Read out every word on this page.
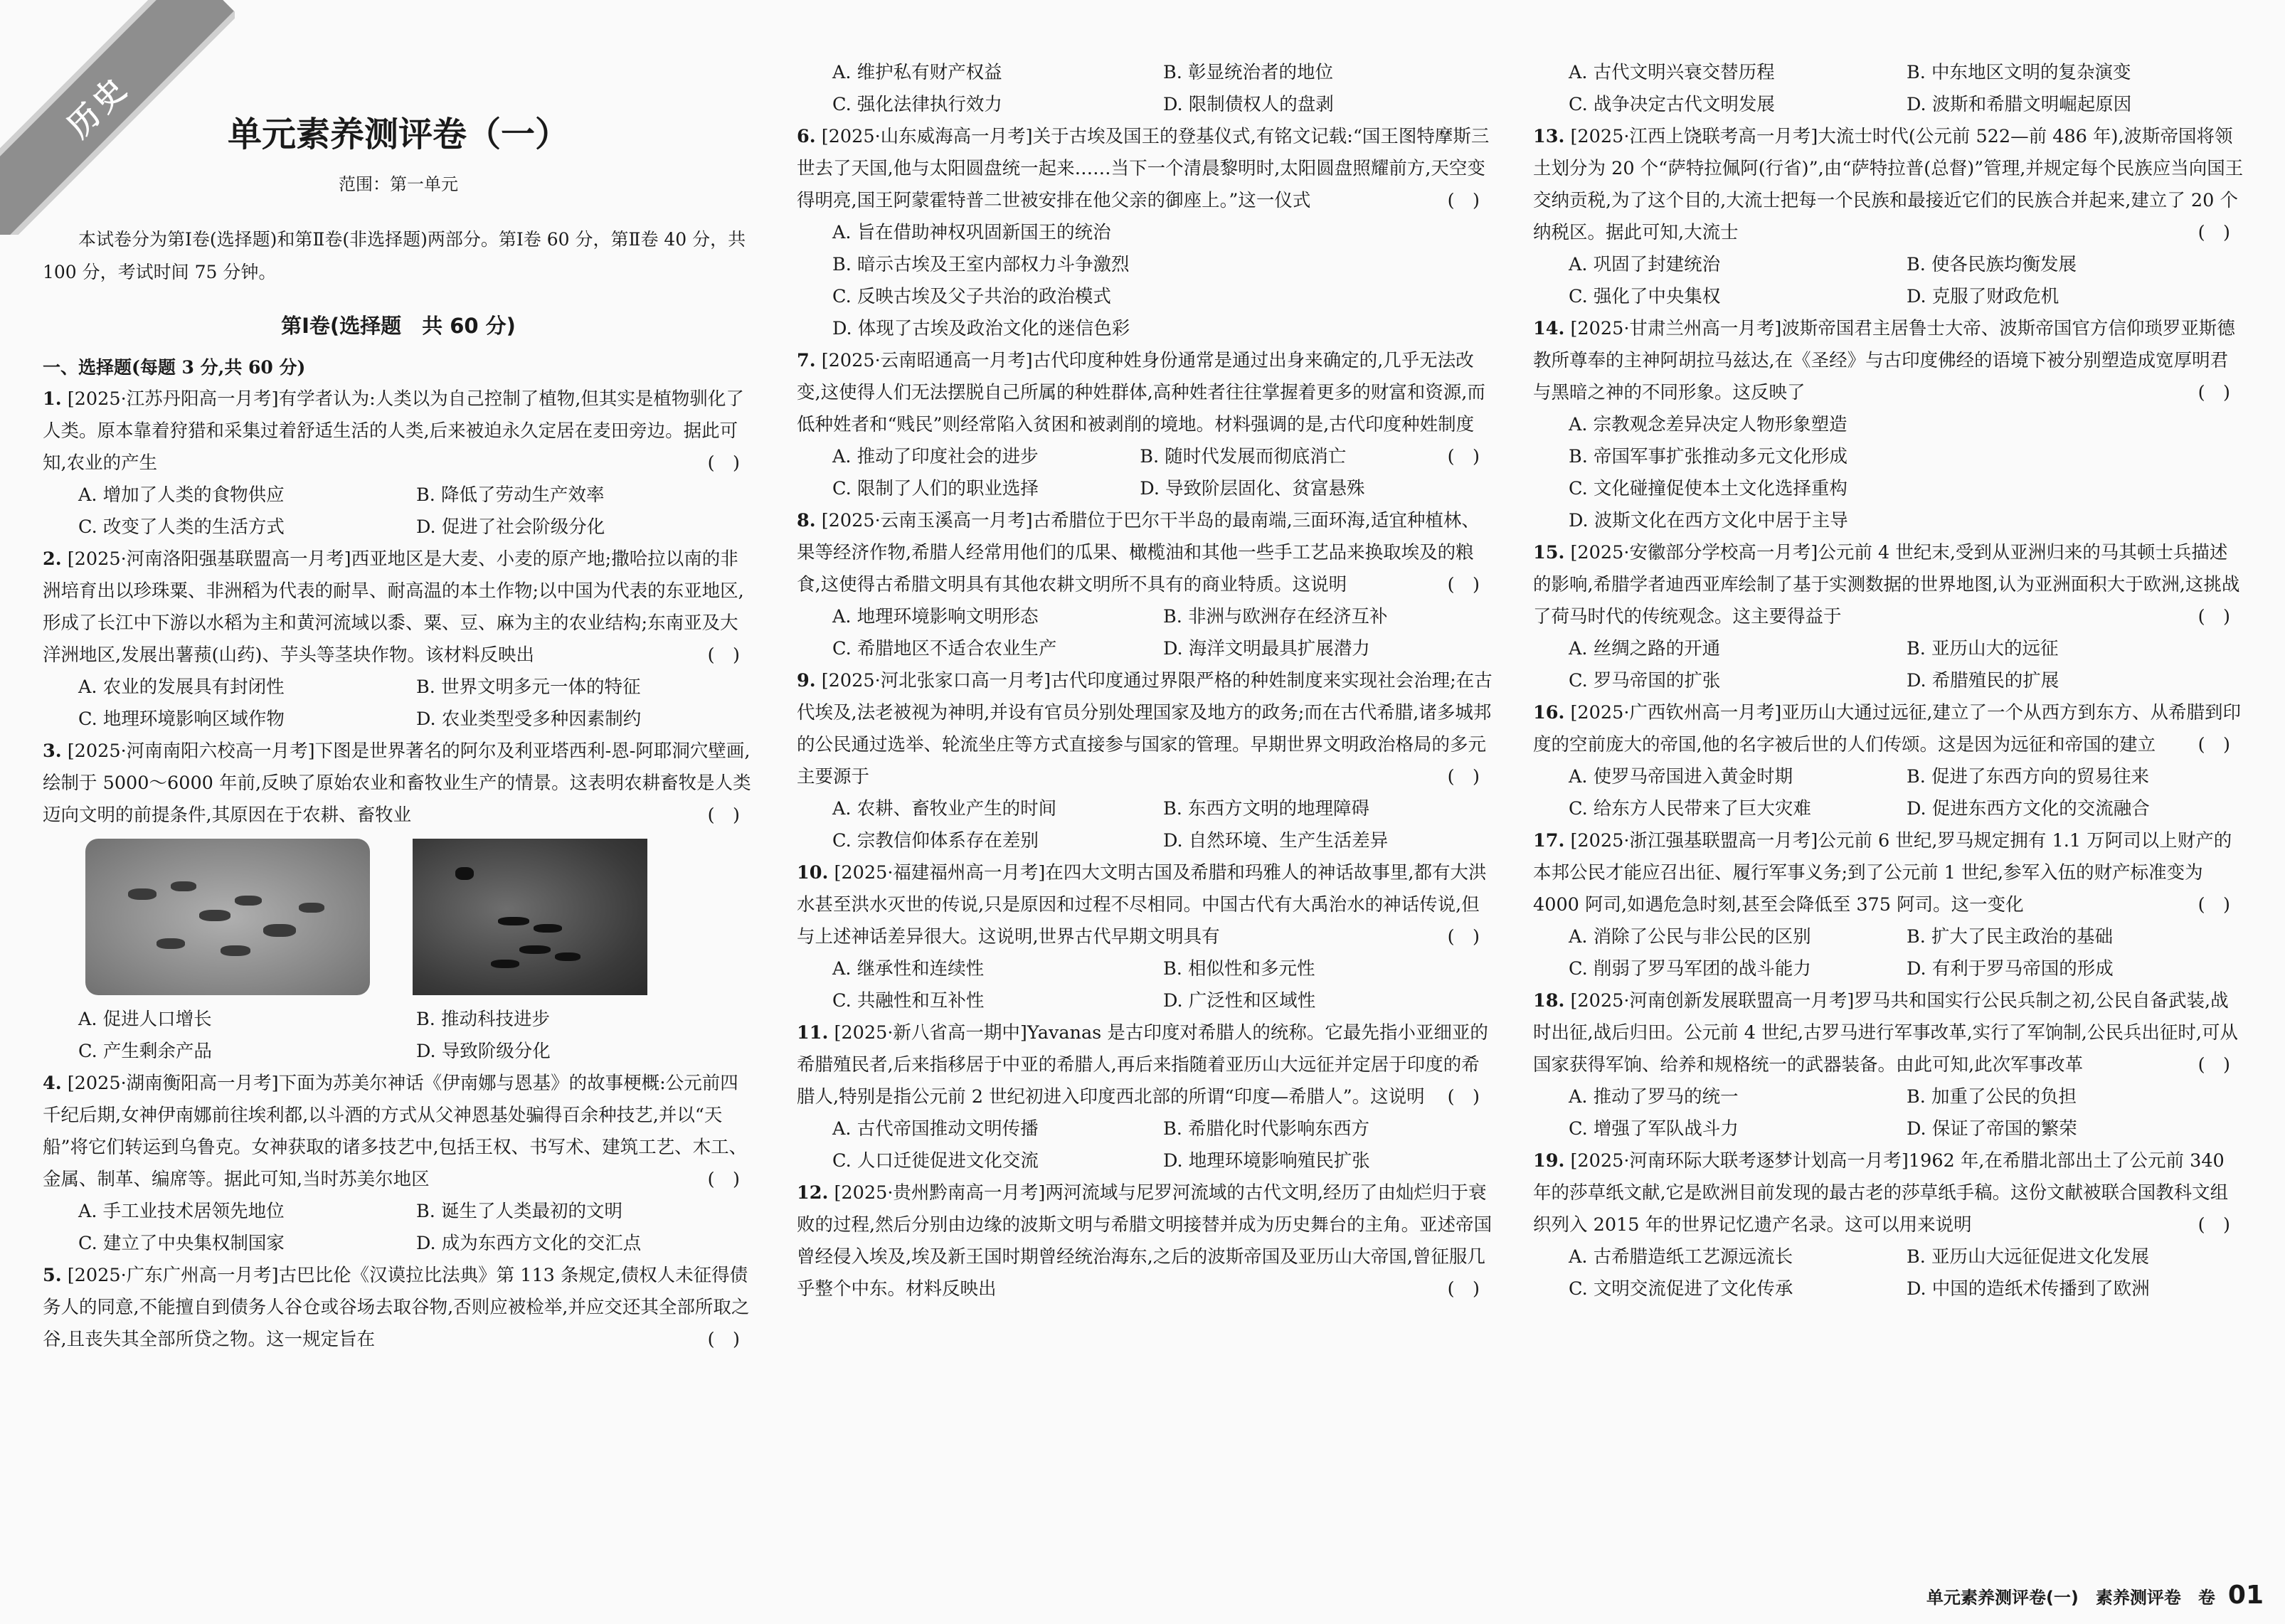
历史	单元素养测评卷（一）
范围：第一单元
本试卷分为第Ⅰ卷(选择题)和第Ⅱ卷(非选择题)两部分。第Ⅰ卷 60 分，第Ⅱ卷 40 分，共 100 分，考试时间 75 分钟。
第Ⅰ卷(选择题　共 60 分)
一、选择题(每题 3 分,共 60 分)
1. [2025·江苏丹阳高一月考]有学者认为:人类以为自己控制了植物,但其实是植物驯化了人类。原本靠着狩猎和采集过着舒适生活的人类,后来被迫永久定居在麦田旁边。据此可知,农业的产生	(　)
A. 增加了人类的食物供应	B. 降低了劳动生产效率
C. 改变了人类的生活方式	D. 促进了社会阶级分化
2. [2025·河南洛阳强基联盟高一月考]西亚地区是大麦、小麦的原产地;撒哈拉以南的非洲培育出以珍珠粟、非洲稻为代表的耐旱、耐高温的本土作物;以中国为代表的东亚地区,形成了长江中下游以水稻为主和黄河流域以黍、粟、豆、麻为主的农业结构;东南亚及大洋洲地区,发展出薯蓣(山药)、芋头等茎块作物。该材料反映出	(　)
A. 农业的发展具有封闭性	B. 世界文明多元一体的特征
C. 地理环境影响区域作物	D. 农业类型受多种因素制约
3. [2025·河南南阳六校高一月考]下图是世界著名的阿尔及利亚塔西利-恩-阿耶洞穴壁画,绘制于 5000～6000 年前,反映了原始农业和畜牧业生产的情景。这表明农耕畜牧是人类迈向文明的前提条件,其原因在于农耕、畜牧业	(　)
A. 促进人口增长	B. 推动科技进步
C. 产生剩余产品	D. 导致阶级分化
4. [2025·湖南衡阳高一月考]下面为苏美尔神话《伊南娜与恩基》的故事梗概:公元前四千纪后期,女神伊南娜前往埃利都,以斗酒的方式从父神恩基处骗得百余种技艺,并以“天船”将它们转运到乌鲁克。女神获取的诸多技艺中,包括王权、书写术、建筑工艺、木工、金属、制革、编席等。据此可知,当时苏美尔地区	(　)
A. 手工业技术居领先地位	B. 诞生了人类最初的文明
C. 建立了中央集权制国家	D. 成为东西方文化的交汇点
5. [2025·广东广州高一月考]古巴比伦《汉谟拉比法典》第 113 条规定,债权人未征得债务人的同意,不能擅自到债务人谷仓或谷场去取谷物,否则应被检举,并应交还其全部所取之谷,且丧失其全部所贷之物。这一规定旨在	(　)
A. 维护私有财产权益	B. 彰显统治者的地位
C. 强化法律执行效力	D. 限制债权人的盘剥
6. [2025·山东威海高一月考]关于古埃及国王的登基仪式,有铭文记载:“国王图特摩斯三世去了天国,他与太阳圆盘统一起来……当下一个清晨黎明时,太阳圆盘照耀前方,天空变得明亮,国王阿蒙霍特普二世被安排在他父亲的御座上。”这一仪式	(　)
A. 旨在借助神权巩固新国王的统治
B. 暗示古埃及王室内部权力斗争激烈
C. 反映古埃及父子共治的政治模式
D. 体现了古埃及政治文化的迷信色彩
7. [2025·云南昭通高一月考]古代印度种姓身份通常是通过出身来确定的,几乎无法改变,这使得人们无法摆脱自己所属的种姓群体,高种姓者往往掌握着更多的财富和资源,而低种姓者和“贱民”则经常陷入贫困和被剥削的境地。材料强调的是,古代印度种姓制度
(　)
A. 推动了印度社会的进步	B. 随时代发展而彻底消亡
C. 限制了人们的职业选择	D. 导致阶层固化、贫富悬殊
8. [2025·云南玉溪高一月考]古希腊位于巴尔干半岛的最南端,三面环海,适宜种植林、果等经济作物,希腊人经常用他们的瓜果、橄榄油和其他一些手工艺品来换取埃及的粮食,这使得古希腊文明具有其他农耕文明所不具有的商业特质。这说明	(　)
A. 地理环境影响文明形态	B. 非洲与欧洲存在经济互补
C. 希腊地区不适合农业生产	D. 海洋文明最具扩展潜力
9. [2025·河北张家口高一月考]古代印度通过界限严格的种姓制度来实现社会治理;在古代埃及,法老被视为神明,并设有官员分别处理国家及地方的政务;而在古代希腊,诸多城邦的公民通过选举、轮流坐庄等方式直接参与国家的管理。早期世界文明政治格局的多元主要源于	(　)
A. 农耕、畜牧业产生的时间	B. 东西方文明的地理障碍
C. 宗教信仰体系存在差别	D. 自然环境、生产生活差异
10. [2025·福建福州高一月考]在四大文明古国及希腊和玛雅人的神话故事里,都有大洪水甚至洪水灭世的传说,只是原因和过程不尽相同。中国古代有大禹治水的神话传说,但与上述神话差异很大。这说明,世界古代早期文明具有	(　)
A. 继承性和连续性	B. 相似性和多元性
C. 共融性和互补性	D. 广泛性和区域性
11. [2025·新八省高一期中]Yavanas 是古印度对希腊人的统称。它最先指小亚细亚的希腊殖民者,后来指移居于中亚的希腊人,再后来指随着亚历山大远征并定居于印度的希腊人,特别是指公元前 2 世纪初进入印度西北部的所谓“印度—希腊人”。这说明 (　)
A. 古代帝国推动文明传播	B. 希腊化时代影响东西方
C. 人口迁徙促进文化交流	D. 地理环境影响殖民扩张
12. [2025·贵州黔南高一月考]两河流域与尼罗河流域的古代文明,经历了由灿烂归于衰败的过程,然后分别由边缘的波斯文明与希腊文明接替并成为历史舞台的主角。亚述帝国曾经侵入埃及,埃及新王国时期曾经统治海东,之后的波斯帝国及亚历山大帝国,曾征服几乎整个中东。材料反映出	(　)
A. 古代文明兴衰交替历程	B. 中东地区文明的复杂演变
C. 战争决定古代文明发展	D. 波斯和希腊文明崛起原因
13. [2025·江西上饶联考高一月考]大流士时代(公元前 522—前 486 年),波斯帝国将领土划分为 20 个“萨特拉佩阿(行省)”,由“萨特拉普(总督)”管理,并规定每个民族应当向国王交纳贡税,为了这个目的,大流士把每一个民族和最接近它们的民族合并起来,建立了 20 个纳税区。据此可知,大流士	(　)
A. 巩固了封建统治	B. 使各民族均衡发展
C. 强化了中央集权	D. 克服了财政危机
14. [2025·甘肃兰州高一月考]波斯帝国君主居鲁士大帝、波斯帝国官方信仰琐罗亚斯德教所尊奉的主神阿胡拉马兹达,在《圣经》与古印度佛经的语境下被分别塑造成宽厚明君与黑暗之神的不同形象。这反映了	(　)
A. 宗教观念差异决定人物形象塑造
B. 帝国军事扩张推动多元文化形成
C. 文化碰撞促使本土文化选择重构
D. 波斯文化在西方文化中居于主导
15. [2025·安徽部分学校高一月考]公元前 4 世纪末,受到从亚洲归来的马其顿士兵描述的影响,希腊学者迪西亚库绘制了基于实测数据的世界地图,认为亚洲面积大于欧洲,这挑战了荷马时代的传统观念。这主要得益于	(　)
A. 丝绸之路的开通	B. 亚历山大的远征
C. 罗马帝国的扩张	D. 希腊殖民的扩展
16. [2025·广西钦州高一月考]亚历山大通过远征,建立了一个从西方到东方、从希腊到印度的空前庞大的帝国,他的名字被后世的人们传颂。这是因为远征和帝国的建立 (　)
A. 使罗马帝国进入黄金时期	B. 促进了东西方向的贸易往来
C. 给东方人民带来了巨大灾难	D. 促进东西方文化的交流融合
17. [2025·浙江强基联盟高一月考]公元前 6 世纪,罗马规定拥有 1.1 万阿司以上财产的本邦公民才能应召出征、履行军事义务;到了公元前 1 世纪,参军入伍的财产标准变为 4000 阿司,如遇危急时刻,甚至会降低至 375 阿司。这一变化	(　)
A. 消除了公民与非公民的区别	B. 扩大了民主政治的基础
C. 削弱了罗马军团的战斗能力	D. 有利于罗马帝国的形成
18. [2025·河南创新发展联盟高一月考]罗马共和国实行公民兵制之初,公民自备武装,战时出征,战后归田。公元前 4 世纪,古罗马进行军事改革,实行了军饷制,公民兵出征时,可从国家获得军饷、给养和规格统一的武器装备。由此可知,此次军事改革	(　)
A. 推动了罗马的统一	B. 加重了公民的负担
C. 增强了军队战斗力	D. 保证了帝国的繁荣
19. [2025·河南环际大联考逐梦计划高一月考]1962 年,在希腊北部出土了公元前 340 年的莎草纸文献,它是欧洲目前发现的最古老的莎草纸手稿。这份文献被联合国教科文组织列入 2015 年的世界记忆遗产名录。这可以用来说明	(　)
A. 古希腊造纸工艺源远流长	B. 亚历山大远征促进文化发展
C. 文明交流促进了文化传承	D. 中国的造纸术传播到了欧洲
单元素养测评卷(一)　素养测评卷　卷 01
